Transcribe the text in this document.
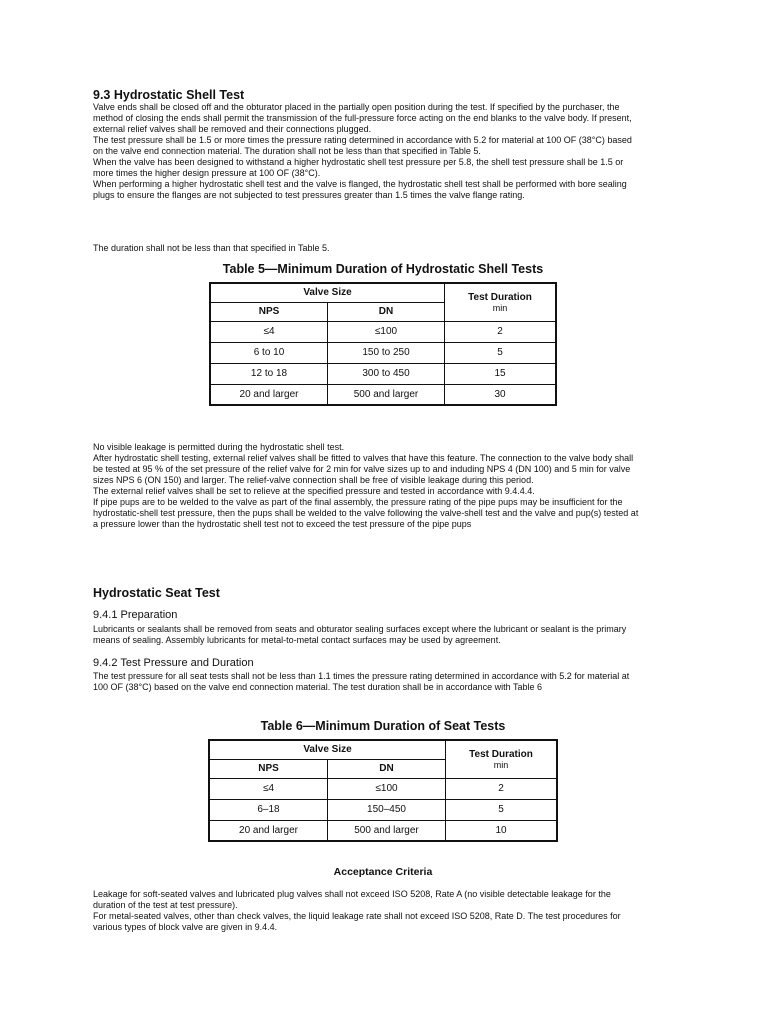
9.3 Hydrostatic Shell Test

Valve ends shall be closed off and the obturator placed in the partially open position during the test. If specified by the purchaser, the method of closing the ends shall permit the transmission of the full-pressure force acting on the end blanks to the valve body. If present, external relief valves shall be removed and their connections plugged.

The test pressure shall be 1.5 or more times the pressure rating determined in accordance with 5.2 for material at 100 OF (38°C) based on the valve end connection material. The duration shall not be less than that specified in Table 5.

When the valve has been designed to withstand a higher hydrostatic shell test pressure per 5.8, the shell test pressure shall be 1.5 or more times the higher design pressure at 100 OF (38°C).

When performing a higher hydrostatic shell test and the valve is flanged, the hydrostatic shell test shall be performed with bore sealing plugs to ensure the flanges are not subjected to test pressures greater than 1.5 times the valve flange rating.

The duration shall not be less than that specified in Table 5.
Table 5—Minimum Duration of Hydrostatic Shell Tests
Valve Size		Test Duration
min

NPS	DN	
≤4	≤100	2
6 to 10	150 to 250	5
12 to 18	300 to 450	15
20 and larger	500 and larger	30

No visible leakage is permitted during the hydrostatic shell test.

After hydrostatic shell testing, external relief valves shall be fitted to valves that have this feature. The connection to the valve body shall be tested at 95 % of the set pressure of the relief valve for 2 min for valve sizes up to and induding NPS 4 (DN 100) and 5 min for valve sizes NPS 6 (ON 150) and larger. The relief-valve connection shall be free of visible leakage during this period.

The external relief valves shall be set to relieve at the specified pressure and tested in accordance with 9.4.4.4.

If pipe pups are to be welded to the valve as part of the final assembly, the pressure rating of the pipe pups may be insufficient for the hydrostatic-shell test pressure, then the pups shall be welded to the valve following the valve-shell test and the valve and pup(s) tested at a pressure lower than the hydrostatic shell test not to exceed the test pressure of the pipe pups

Hydrostatic Seat Test
9.4.1 Preparation
Lubricants or sealants shall be removed from seats and obturator sealing surfaces except where the lubricant or sealant is the primary means of sealing. Assembly lubricants for metal-to-metal contact surfaces may be used by agreement.
9.4.2 Test Pressure and Duration
The test pressure for all seat tests shall not be less than 1.1 times the pressure rating determined in accordance with 5.2 for material at 100 OF (38°C) based on the valve end connection material. The test duration shall be in accordance with Table 6
Table 6—Minimum Duration of Seat Tests
Valve Size		Test Duration
min

NPS	DN	
≤4	≤100	2
6–18	150–450	5
20 and larger	500 and larger	10
Acceptance Criteria

Leakage for soft-seated valves and lubricated plug valves shall not exceed ISO 5208, Rate A (no visible detectable leakage for the duration of the test at test pressure).

For metal-seated valves, other than check valves, the liquid leakage rate shall not exceed ISO 5208, Rate D. The test procedures for various types of block valve are given in 9.4.4.
